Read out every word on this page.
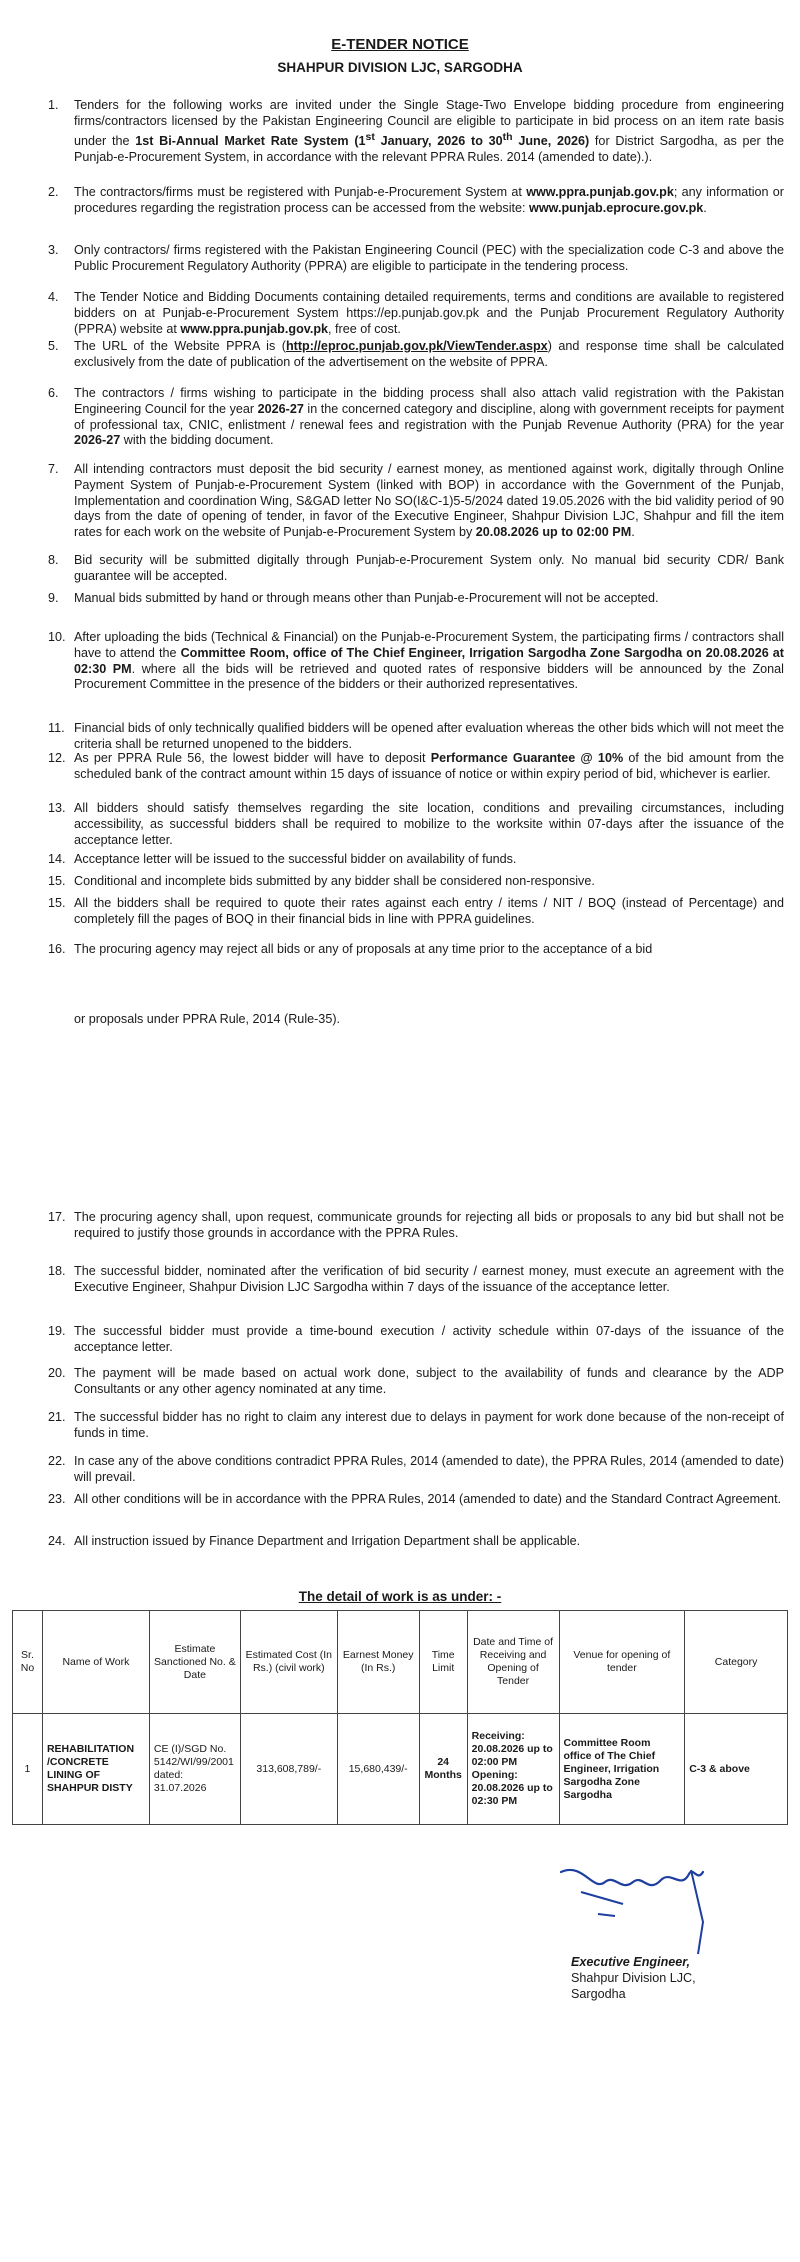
E-TENDER NOTICE
SHAHPUR DIVISION LJC, SARGODHA
1. Tenders for the following works are invited under the Single Stage-Two Envelope bidding procedure from engineering firms/contractors licensed by the Pakistan Engineering Council are eligible to participate in bid process on an item rate basis under the 1st Bi-Annual Market Rate System (1st January, 2026 to 30th June, 2026) for District Sargodha, as per the Punjab-e-Procurement System, in accordance with the relevant PPRA Rules. 2014 (amended to date).).
2. The contractors/firms must be registered with Punjab-e-Procurement System at www.ppra.punjab.gov.pk; any information or procedures regarding the registration process can be accessed from the website: www.punjab.eprocure.gov.pk.
3. Only contractors/ firms registered with the Pakistan Engineering Council (PEC) with the specialization code C-3 and above the Public Procurement Regulatory Authority (PPRA) are eligible to participate in the tendering process.
4. The Tender Notice and Bidding Documents containing detailed requirements, terms and conditions are available to registered bidders on at Punjab-e-Procurement System https://ep.punjab.gov.pk and the Punjab Procurement Regulatory Authority (PPRA) website at www.ppra.punjab.gov.pk, free of cost.
5. The URL of the Website PPRA is (http://eproc.punjab.gov.pk/ViewTender.aspx) and response time shall be calculated exclusively from the date of publication of the advertisement on the website of PPRA.
6. The contractors / firms wishing to participate in the bidding process shall also attach valid registration with the Pakistan Engineering Council for the year 2026-27 in the concerned category and discipline, along with government receipts for payment of professional tax, CNIC, enlistment / renewal fees and registration with the Punjab Revenue Authority (PRA) for the year 2026-27 with the bidding document.
7. All intending contractors must deposit the bid security / earnest money, as mentioned against work, digitally through Online Payment System of Punjab-e-Procurement System (linked with BOP) in accordance with the Government of the Punjab, Implementation and coordination Wing, S&GAD letter No SO(I&C-1)5-5/2024 dated 19.05.2026 with the bid validity period of 90 days from the date of opening of tender, in favor of the Executive Engineer, Shahpur Division LJC, Shahpur and fill the item rates for each work on the website of Punjab-e-Procurement System by 20.08.2026 up to 02:00 PM.
8. Bid security will be submitted digitally through Punjab-e-Procurement System only. No manual bid security CDR/ Bank guarantee will be accepted.
9. Manual bids submitted by hand or through means other than Punjab-e-Procurement will not be accepted.
10. After uploading the bids (Technical & Financial) on the Punjab-e-Procurement System, the participating firms / contractors shall have to attend the Committee Room, office of The Chief Engineer, Irrigation Sargodha Zone Sargodha on 20.08.2026 at 02:30 PM. where all the bids will be retrieved and quoted rates of responsive bidders will be announced by the Zonal Procurement Committee in the presence of the bidders or their authorized representatives.
11. Financial bids of only technically qualified bidders will be opened after evaluation whereas the other bids which will not meet the criteria shall be returned unopened to the bidders.
12. As per PPRA Rule 56, the lowest bidder will have to deposit Performance Guarantee @ 10% of the bid amount from the scheduled bank of the contract amount within 15 days of issuance of notice or within expiry period of bid, whichever is earlier.
13. All bidders should satisfy themselves regarding the site location, conditions and prevailing circumstances, including accessibility, as successful bidders shall be required to mobilize to the worksite within 07-days after the issuance of the acceptance letter.
14. Acceptance letter will be issued to the successful bidder on availability of funds.
15. Conditional and incomplete bids submitted by any bidder shall be considered non-responsive.
15. All the bidders shall be required to quote their rates against each entry / items / NIT / BOQ (instead of Percentage) and completely fill the pages of BOQ in their financial bids in line with PPRA guidelines.
16. The procuring agency may reject all bids or any of proposals at any time prior to the acceptance of a bid
or proposals under PPRA Rule, 2014 (Rule-35).
17. The procuring agency shall, upon request, communicate grounds for rejecting all bids or proposals to any bid but shall not be required to justify those grounds in accordance with the PPRA Rules.
18. The successful bidder, nominated after the verification of bid security / earnest money, must execute an agreement with the Executive Engineer, Shahpur Division LJC Sargodha within 7 days of the issuance of the acceptance letter.
19. The successful bidder must provide a time-bound execution / activity schedule within 07-days of the issuance of the acceptance letter.
20. The payment will be made based on actual work done, subject to the availability of funds and clearance by the ADP Consultants or any other agency nominated at any time.
21. The successful bidder has no right to claim any interest due to delays in payment for work done because of the non-receipt of funds in time.
22. In case any of the above conditions contradict PPRA Rules, 2014 (amended to date), the PPRA Rules, 2014 (amended to date) will prevail.
23. All other conditions will be in accordance with the PPRA Rules, 2014 (amended to date) and the Standard Contract Agreement.
24. All instruction issued by Finance Department and Irrigation Department shall be applicable.
The detail of work is as under: -
Sr. No	Name of Work	Estimate Sanctioned No. & Date	Estimated Cost (In Rs.) (civil work)	Earnest Money (In Rs.)	Time Limit	Date and Time of Receiving and Opening of Tender	Venue for opening of tender	Category
1	REHABILITATION /CONCRETE LINING OF SHAHPUR DISTY	CE (I)/SGD No. 5142/WI/99/2001 dated: 31.07.2026	313,608,789/-	15,680,439/-	24 Months	Receiving:
20.08.2026 up to 02:00 PM
Opening:
20.08.2026 up to 02:30 PM	Committee Room office of The Chief Engineer, Irrigation Sargodha Zone Sargodha	C-3 & above
Executive Engineer,
Shahpur Division LJC,
Sargodha
